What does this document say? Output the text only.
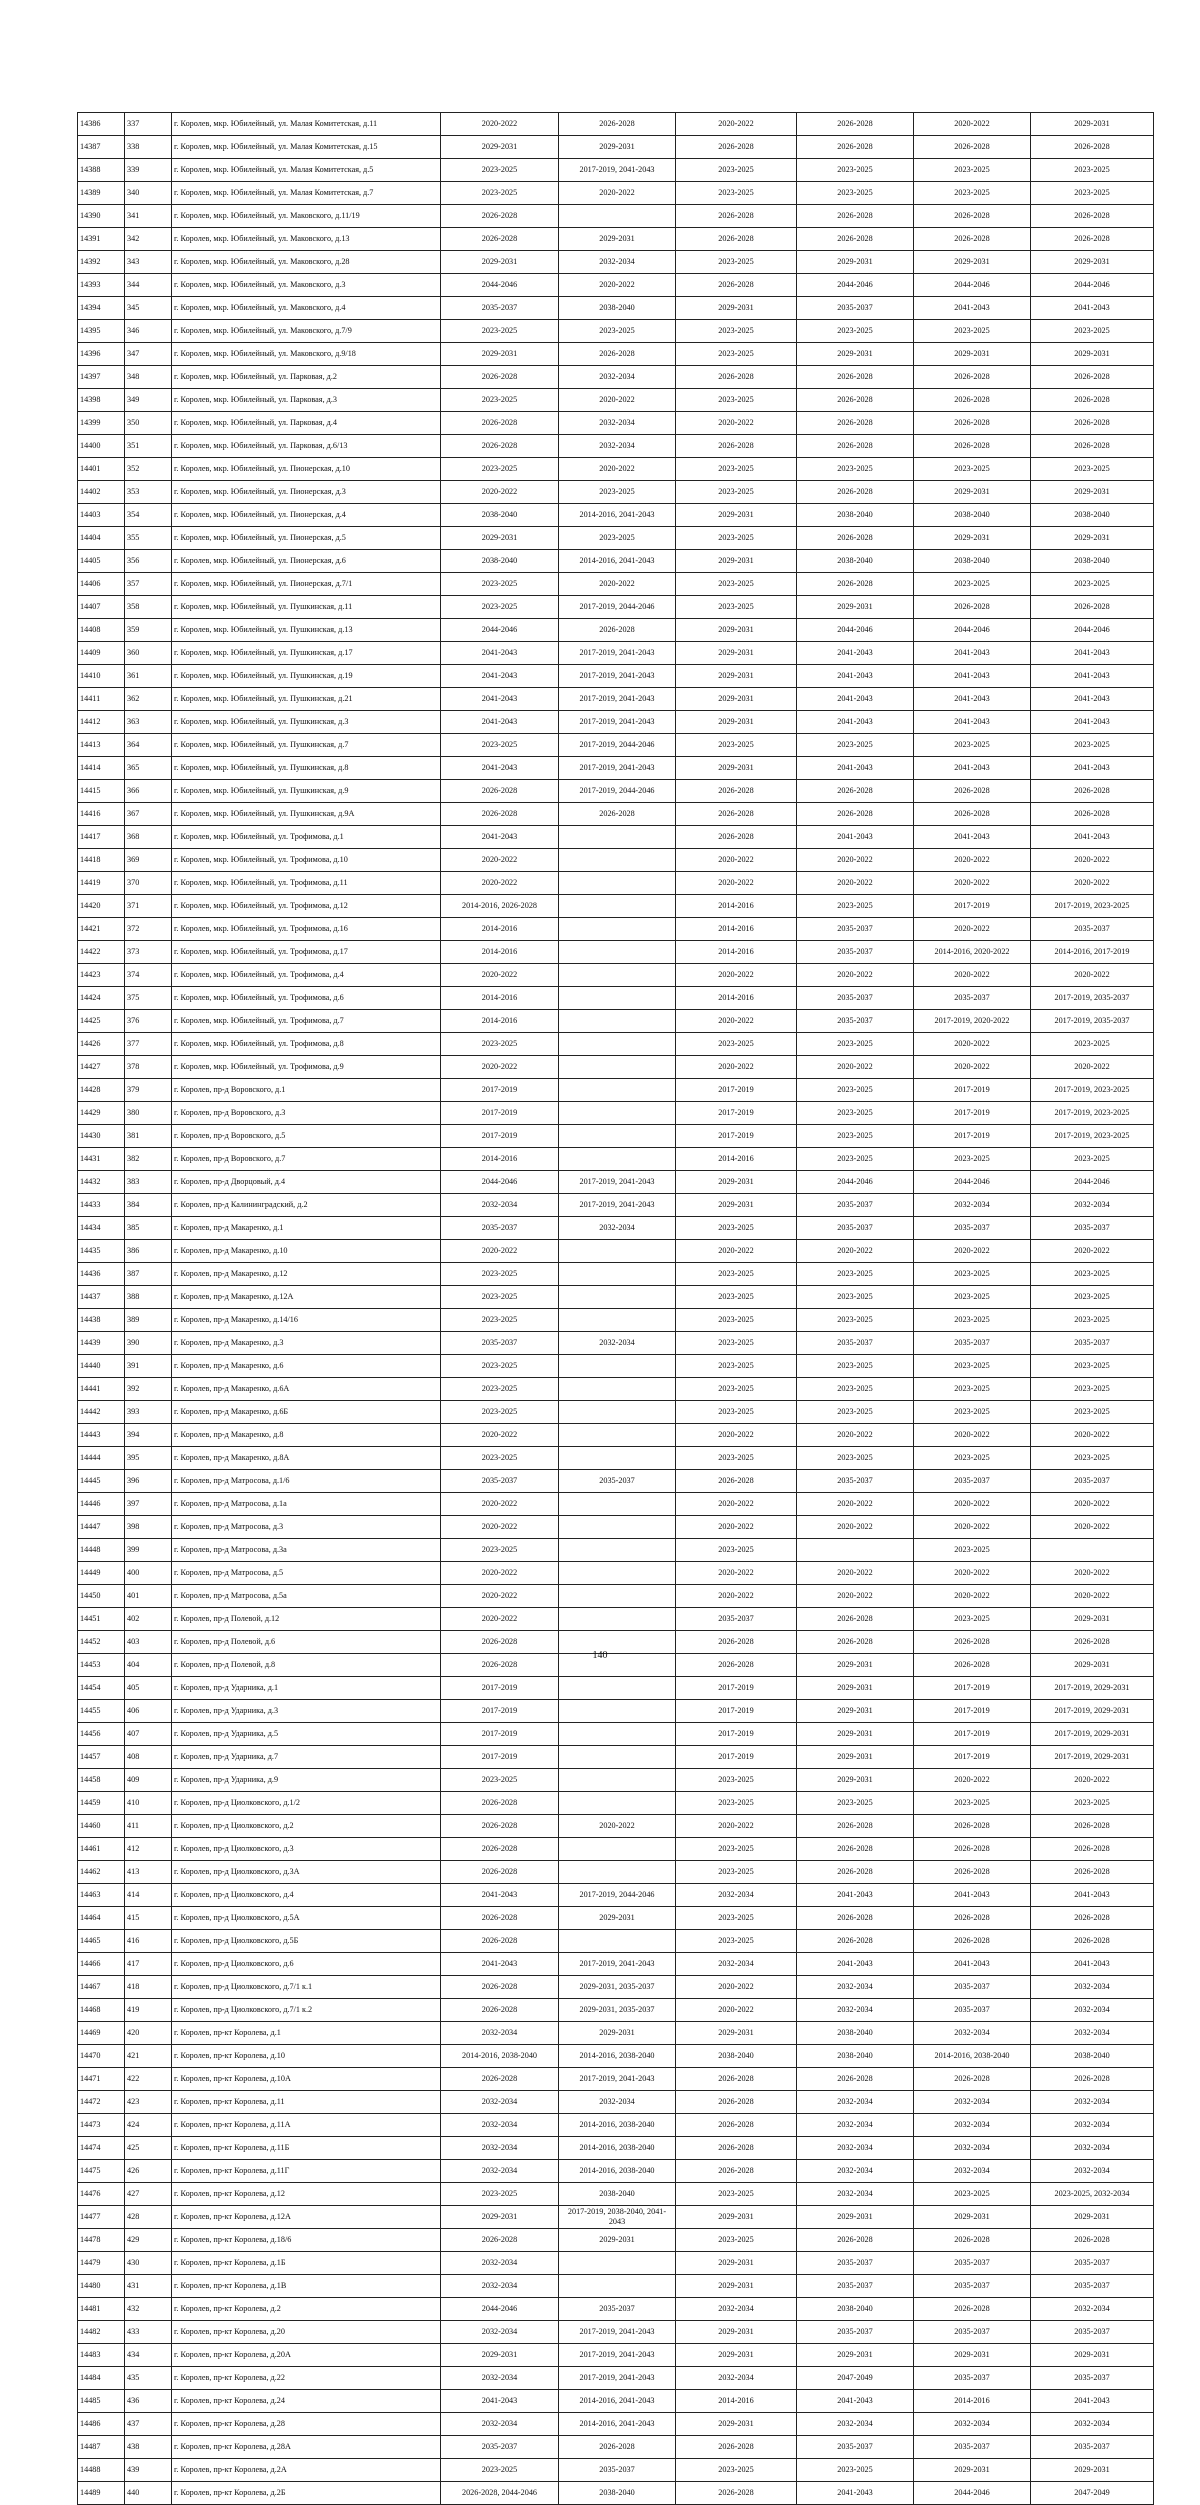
14386	337	г. Королев, мкр. Юбилейный, ул. Малая Комитетская, д.11	2020-2022	2026-2028	2020-2022	2026-2028	2020-2022	2029-2031
14387	338	г. Королев, мкр. Юбилейный, ул. Малая Комитетская, д.15	2029-2031	2029-2031	2026-2028	2026-2028	2026-2028	2026-2028
14388	339	г. Королев, мкр. Юбилейный, ул. Малая Комитетская, д.5	2023-2025	2017-2019, 2041-2043	2023-2025	2023-2025	2023-2025	2023-2025
14389	340	г. Королев, мкр. Юбилейный, ул. Малая Комитетская, д.7	2023-2025	2020-2022	2023-2025	2023-2025	2023-2025	2023-2025
14390	341	г. Королев, мкр. Юбилейный, ул. Маковского, д.11/19	2026-2028		2026-2028	2026-2028	2026-2028	2026-2028
14391	342	г. Королев, мкр. Юбилейный, ул. Маковского, д.13	2026-2028	2029-2031	2026-2028	2026-2028	2026-2028	2026-2028
14392	343	г. Королев, мкр. Юбилейный, ул. Маковского, д.28	2029-2031	2032-2034	2023-2025	2029-2031	2029-2031	2029-2031
14393	344	г. Королев, мкр. Юбилейный, ул. Маковского, д.3	2044-2046	2020-2022	2026-2028	2044-2046	2044-2046	2044-2046
14394	345	г. Королев, мкр. Юбилейный, ул. Маковского, д.4	2035-2037	2038-2040	2029-2031	2035-2037	2041-2043	2041-2043
14395	346	г. Королев, мкр. Юбилейный, ул. Маковского, д.7/9	2023-2025	2023-2025	2023-2025	2023-2025	2023-2025	2023-2025
14396	347	г. Королев, мкр. Юбилейный, ул. Маковского, д.9/18	2029-2031	2026-2028	2023-2025	2029-2031	2029-2031	2029-2031
14397	348	г. Королев, мкр. Юбилейный, ул. Парковая, д.2	2026-2028	2032-2034	2026-2028	2026-2028	2026-2028	2026-2028
14398	349	г. Королев, мкр. Юбилейный, ул. Парковая, д.3	2023-2025	2020-2022	2023-2025	2026-2028	2026-2028	2026-2028
14399	350	г. Королев, мкр. Юбилейный, ул. Парковая, д.4	2026-2028	2032-2034	2020-2022	2026-2028	2026-2028	2026-2028
14400	351	г. Королев, мкр. Юбилейный, ул. Парковая, д.6/13	2026-2028	2032-2034	2026-2028	2026-2028	2026-2028	2026-2028
14401	352	г. Королев, мкр. Юбилейный, ул. Пионерская, д.10	2023-2025	2020-2022	2023-2025	2023-2025	2023-2025	2023-2025
14402	353	г. Королев, мкр. Юбилейный, ул. Пионерская, д.3	2020-2022	2023-2025	2023-2025	2026-2028	2029-2031	2029-2031
14403	354	г. Королев, мкр. Юбилейный, ул. Пионерская, д.4	2038-2040	2014-2016, 2041-2043	2029-2031	2038-2040	2038-2040	2038-2040
14404	355	г. Королев, мкр. Юбилейный, ул. Пионерская, д.5	2029-2031	2023-2025	2023-2025	2026-2028	2029-2031	2029-2031
14405	356	г. Королев, мкр. Юбилейный, ул. Пионерская, д.6	2038-2040	2014-2016, 2041-2043	2029-2031	2038-2040	2038-2040	2038-2040
14406	357	г. Королев, мкр. Юбилейный, ул. Пионерская, д.7/1	2023-2025	2020-2022	2023-2025	2026-2028	2023-2025	2023-2025
14407	358	г. Королев, мкр. Юбилейный, ул. Пушкинская, д.11	2023-2025	2017-2019, 2044-2046	2023-2025	2029-2031	2026-2028	2026-2028
14408	359	г. Королев, мкр. Юбилейный, ул. Пушкинская, д.13	2044-2046	2026-2028	2029-2031	2044-2046	2044-2046	2044-2046
14409	360	г. Королев, мкр. Юбилейный, ул. Пушкинская, д.17	2041-2043	2017-2019, 2041-2043	2029-2031	2041-2043	2041-2043	2041-2043
14410	361	г. Королев, мкр. Юбилейный, ул. Пушкинская, д.19	2041-2043	2017-2019, 2041-2043	2029-2031	2041-2043	2041-2043	2041-2043
14411	362	г. Королев, мкр. Юбилейный, ул. Пушкинская, д.21	2041-2043	2017-2019, 2041-2043	2029-2031	2041-2043	2041-2043	2041-2043
14412	363	г. Королев, мкр. Юбилейный, ул. Пушкинская, д.3	2041-2043	2017-2019, 2041-2043	2029-2031	2041-2043	2041-2043	2041-2043
14413	364	г. Королев, мкр. Юбилейный, ул. Пушкинская, д.7	2023-2025	2017-2019, 2044-2046	2023-2025	2023-2025	2023-2025	2023-2025
14414	365	г. Королев, мкр. Юбилейный, ул. Пушкинская, д.8	2041-2043	2017-2019, 2041-2043	2029-2031	2041-2043	2041-2043	2041-2043
14415	366	г. Королев, мкр. Юбилейный, ул. Пушкинская, д.9	2026-2028	2017-2019, 2044-2046	2026-2028	2026-2028	2026-2028	2026-2028
14416	367	г. Королев, мкр. Юбилейный, ул. Пушкинская, д.9А	2026-2028	2026-2028	2026-2028	2026-2028	2026-2028	2026-2028
14417	368	г. Королев, мкр. Юбилейный, ул. Трофимова, д.1	2041-2043		2026-2028	2041-2043	2041-2043	2041-2043
14418	369	г. Королев, мкр. Юбилейный, ул. Трофимова, д.10	2020-2022		2020-2022	2020-2022	2020-2022	2020-2022
14419	370	г. Королев, мкр. Юбилейный, ул. Трофимова, д.11	2020-2022		2020-2022	2020-2022	2020-2022	2020-2022
14420	371	г. Королев, мкр. Юбилейный, ул. Трофимова, д.12	2014-2016, 2026-2028		2014-2016	2023-2025	2017-2019	2017-2019, 2023-2025
14421	372	г. Королев, мкр. Юбилейный, ул. Трофимова, д.16	2014-2016		2014-2016	2035-2037	2020-2022	2035-2037
14422	373	г. Королев, мкр. Юбилейный, ул. Трофимова, д.17	2014-2016		2014-2016	2035-2037	2014-2016, 2020-2022	2014-2016, 2017-2019
14423	374	г. Королев, мкр. Юбилейный, ул. Трофимова, д.4	2020-2022		2020-2022	2020-2022	2020-2022	2020-2022
14424	375	г. Королев, мкр. Юбилейный, ул. Трофимова, д.6	2014-2016		2014-2016	2035-2037	2035-2037	2017-2019, 2035-2037
14425	376	г. Королев, мкр. Юбилейный, ул. Трофимова, д.7	2014-2016		2020-2022	2035-2037	2017-2019, 2020-2022	2017-2019, 2035-2037
14426	377	г. Королев, мкр. Юбилейный, ул. Трофимова, д.8	2023-2025		2023-2025	2023-2025	2020-2022	2023-2025
14427	378	г. Королев, мкр. Юбилейный, ул. Трофимова, д.9	2020-2022		2020-2022	2020-2022	2020-2022	2020-2022
14428	379	г. Королев, пр-д Воровского, д.1	2017-2019		2017-2019	2023-2025	2017-2019	2017-2019, 2023-2025
14429	380	г. Королев, пр-д Воровского, д.3	2017-2019		2017-2019	2023-2025	2017-2019	2017-2019, 2023-2025
14430	381	г. Королев, пр-д Воровского, д.5	2017-2019		2017-2019	2023-2025	2017-2019	2017-2019, 2023-2025
14431	382	г. Королев, пр-д Воровского, д.7	2014-2016		2014-2016	2023-2025	2023-2025	2023-2025
14432	383	г. Королев, пр-д Дворцовый, д.4	2044-2046	2017-2019, 2041-2043	2029-2031	2044-2046	2044-2046	2044-2046
14433	384	г. Королев, пр-д Калининградский, д.2	2032-2034	2017-2019, 2041-2043	2029-2031	2035-2037	2032-2034	2032-2034
14434	385	г. Королев, пр-д Макаренко, д.1	2035-2037	2032-2034	2023-2025	2035-2037	2035-2037	2035-2037
14435	386	г. Королев, пр-д Макаренко, д.10	2020-2022		2020-2022	2020-2022	2020-2022	2020-2022
14436	387	г. Королев, пр-д Макаренко, д.12	2023-2025		2023-2025	2023-2025	2023-2025	2023-2025
14437	388	г. Королев, пр-д Макаренко, д.12А	2023-2025		2023-2025	2023-2025	2023-2025	2023-2025
14438	389	г. Королев, пр-д Макаренко, д.14/16	2023-2025		2023-2025	2023-2025	2023-2025	2023-2025
14439	390	г. Королев, пр-д Макаренко, д.3	2035-2037	2032-2034	2023-2025	2035-2037	2035-2037	2035-2037
14440	391	г. Королев, пр-д Макаренко, д.6	2023-2025		2023-2025	2023-2025	2023-2025	2023-2025
14441	392	г. Королев, пр-д Макаренко, д.6А	2023-2025		2023-2025	2023-2025	2023-2025	2023-2025
14442	393	г. Королев, пр-д Макаренко, д.6Б	2023-2025		2023-2025	2023-2025	2023-2025	2023-2025
14443	394	г. Королев, пр-д Макаренко, д.8	2020-2022		2020-2022	2020-2022	2020-2022	2020-2022
14444	395	г. Королев, пр-д Макаренко, д.8А	2023-2025		2023-2025	2023-2025	2023-2025	2023-2025
14445	396	г. Королев, пр-д Матросова, д.1/6	2035-2037	2035-2037	2026-2028	2035-2037	2035-2037	2035-2037
14446	397	г. Королев, пр-д Матросова, д.1а	2020-2022		2020-2022	2020-2022	2020-2022	2020-2022
14447	398	г. Королев, пр-д Матросова, д.3	2020-2022		2020-2022	2020-2022	2020-2022	2020-2022
14448	399	г. Королев, пр-д Матросова, д.3а	2023-2025		2023-2025		2023-2025	
14449	400	г. Королев, пр-д Матросова, д.5	2020-2022		2020-2022	2020-2022	2020-2022	2020-2022
14450	401	г. Королев, пр-д Матросова, д.5а	2020-2022		2020-2022	2020-2022	2020-2022	2020-2022
14451	402	г. Королев, пр-д Полевой, д.12	2020-2022		2035-2037	2026-2028	2023-2025	2029-2031
14452	403	г. Королев, пр-д Полевой, д.6	2026-2028		2026-2028	2026-2028	2026-2028	2026-2028
14453	404	г. Королев, пр-д Полевой, д.8	2026-2028		2026-2028	2029-2031	2026-2028	2029-2031
14454	405	г. Королев, пр-д Ударника, д.1	2017-2019		2017-2019	2029-2031	2017-2019	2017-2019, 2029-2031
14455	406	г. Королев, пр-д Ударника, д.3	2017-2019		2017-2019	2029-2031	2017-2019	2017-2019, 2029-2031
14456	407	г. Королев, пр-д Ударника, д.5	2017-2019		2017-2019	2029-2031	2017-2019	2017-2019, 2029-2031
14457	408	г. Королев, пр-д Ударника, д.7	2017-2019		2017-2019	2029-2031	2017-2019	2017-2019, 2029-2031
14458	409	г. Королев, пр-д Ударника, д.9	2023-2025		2023-2025	2029-2031	2020-2022	2020-2022
14459	410	г. Королев, пр-д Циолковского, д.1/2	2026-2028		2023-2025	2023-2025	2023-2025	2023-2025
14460	411	г. Королев, пр-д Циолковского, д.2	2026-2028	2020-2022	2020-2022	2026-2028	2026-2028	2026-2028
14461	412	г. Королев, пр-д Циолковского, д.3	2026-2028		2023-2025	2026-2028	2026-2028	2026-2028
14462	413	г. Королев, пр-д Циолковского, д.3А	2026-2028		2023-2025	2026-2028	2026-2028	2026-2028
14463	414	г. Королев, пр-д Циолковского, д.4	2041-2043	2017-2019, 2044-2046	2032-2034	2041-2043	2041-2043	2041-2043
14464	415	г. Королев, пр-д Циолковского, д.5А	2026-2028	2029-2031	2023-2025	2026-2028	2026-2028	2026-2028
14465	416	г. Королев, пр-д Циолковского, д.5Б	2026-2028		2023-2025	2026-2028	2026-2028	2026-2028
14466	417	г. Королев, пр-д Циолковского, д.6	2041-2043	2017-2019, 2041-2043	2032-2034	2041-2043	2041-2043	2041-2043
14467	418	г. Королев, пр-д Циолковского, д.7/1 к.1	2026-2028	2029-2031, 2035-2037	2020-2022	2032-2034	2035-2037	2032-2034
14468	419	г. Королев, пр-д Циолковского, д.7/1 к.2	2026-2028	2029-2031, 2035-2037	2020-2022	2032-2034	2035-2037	2032-2034
14469	420	г. Королев, пр-кт Королева, д.1	2032-2034	2029-2031	2029-2031	2038-2040	2032-2034	2032-2034
14470	421	г. Королев, пр-кт Королева, д.10	2014-2016, 2038-2040	2014-2016, 2038-2040	2038-2040	2038-2040	2014-2016, 2038-2040	2038-2040
14471	422	г. Королев, пр-кт Королева, д.10А	2026-2028	2017-2019, 2041-2043	2026-2028	2026-2028	2026-2028	2026-2028
14472	423	г. Королев, пр-кт Королева, д.11	2032-2034	2032-2034	2026-2028	2032-2034	2032-2034	2032-2034
14473	424	г. Королев, пр-кт Королева, д.11А	2032-2034	2014-2016, 2038-2040	2026-2028	2032-2034	2032-2034	2032-2034
14474	425	г. Королев, пр-кт Королева, д.11Б	2032-2034	2014-2016, 2038-2040	2026-2028	2032-2034	2032-2034	2032-2034
14475	426	г. Королев, пр-кт Королева, д.11Г	2032-2034	2014-2016, 2038-2040	2026-2028	2032-2034	2032-2034	2032-2034
14476	427	г. Королев, пр-кт Королева, д.12	2023-2025	2038-2040	2023-2025	2032-2034	2023-2025	2023-2025, 2032-2034
14477	428	г. Королев, пр-кт Королева, д.12А	2029-2031	2017-2019, 2038-2040, 2041-2043	2029-2031	2029-2031	2029-2031	2029-2031
14478	429	г. Королев, пр-кт Королева, д.18/6	2026-2028	2029-2031	2023-2025	2026-2028	2026-2028	2026-2028
14479	430	г. Королев, пр-кт Королева, д.1Б	2032-2034		2029-2031	2035-2037	2035-2037	2035-2037
14480	431	г. Королев, пр-кт Королева, д.1В	2032-2034		2029-2031	2035-2037	2035-2037	2035-2037
14481	432	г. Королев, пр-кт Королева, д.2	2044-2046	2035-2037	2032-2034	2038-2040	2026-2028	2032-2034
14482	433	г. Королев, пр-кт Королева, д.20	2032-2034	2017-2019, 2041-2043	2029-2031	2035-2037	2035-2037	2035-2037
14483	434	г. Королев, пр-кт Королева, д.20А	2029-2031	2017-2019, 2041-2043	2029-2031	2029-2031	2029-2031	2029-2031
14484	435	г. Королев, пр-кт Королева, д.22	2032-2034	2017-2019, 2041-2043	2032-2034	2047-2049	2035-2037	2035-2037
14485	436	г. Королев, пр-кт Королева, д.24	2041-2043	2014-2016, 2041-2043	2014-2016	2041-2043	2014-2016	2041-2043
14486	437	г. Королев, пр-кт Королева, д.28	2032-2034	2014-2016, 2041-2043	2029-2031	2032-2034	2032-2034	2032-2034
14487	438	г. Королев, пр-кт Королева, д.28А	2035-2037	2026-2028	2026-2028	2035-2037	2035-2037	2035-2037
14488	439	г. Королев, пр-кт Королева, д.2А	2023-2025	2035-2037	2023-2025	2023-2025	2029-2031	2029-2031
14489	440	г. Королев, пр-кт Королева, д.2Б	2026-2028, 2044-2046	2038-2040	2026-2028	2041-2043	2044-2046	2047-2049
140
